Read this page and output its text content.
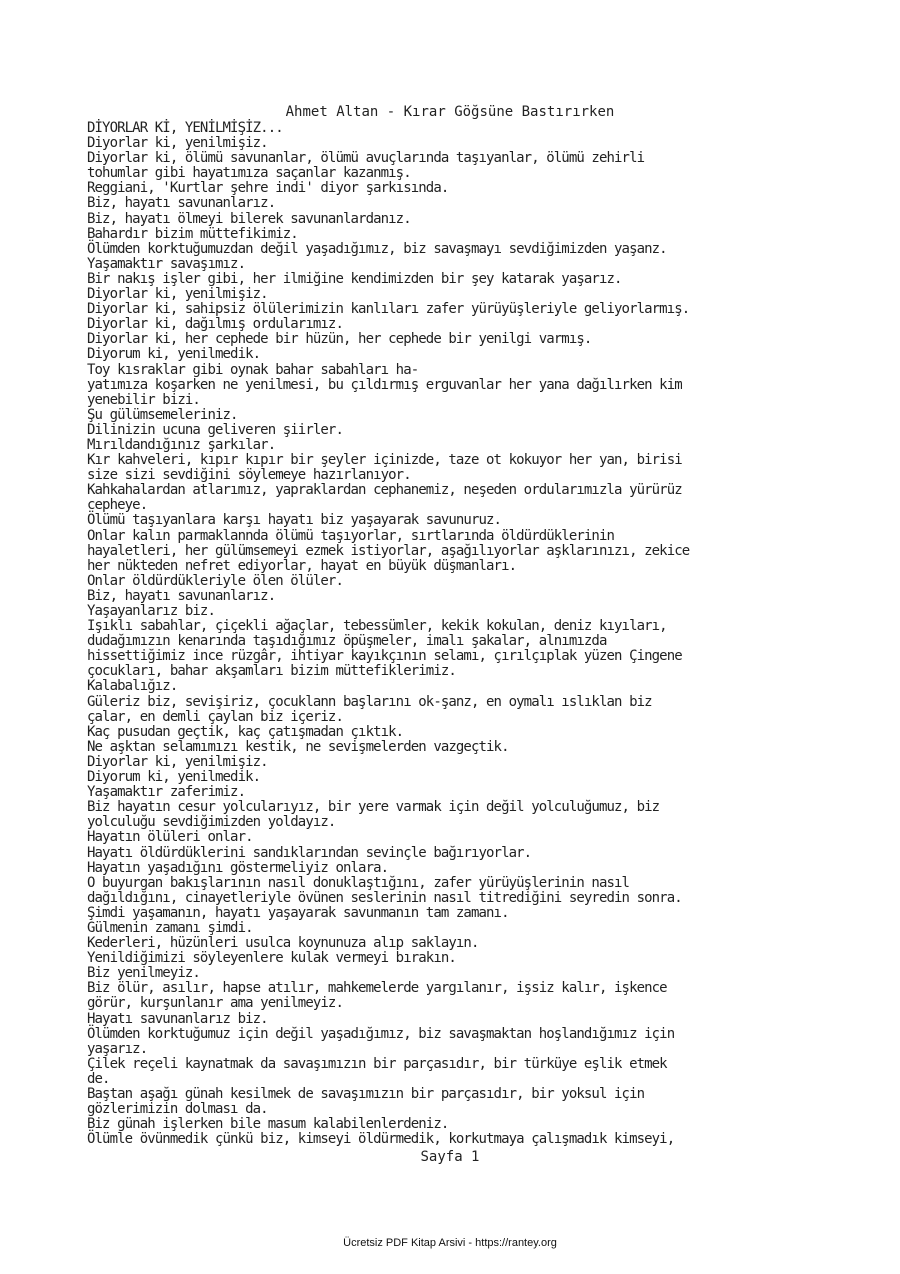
Ahmet Altan - Kırar Göğsüne Bastırırken
DİYORLAR Kİ, YENİLMİŞİZ...
Diyorlar ki, yenilmişiz.
Diyorlar ki, ölümü savunanlar, ölümü avuçlarında taşıyanlar, ölümü zehirli
tohumlar gibi hayatımıza saçanlar kazanmış.
Reggiani, 'Kurtlar şehre indi' diyor şarkısında.
Biz, hayatı savunanlarız.
Biz, hayatı ölmeyi bilerek savunanlardanız.
Bahardır bizim müttefikimiz.
Ölümden korktuğumuzdan değil yaşadığımız, biz savaşmayı sevdiğimizden yaşanz.
Yaşamaktır savaşımız.
Bir nakış işler gibi, her ilmiğine kendimizden bir şey katarak yaşarız.
Diyorlar ki, yenilmişiz.
Diyorlar ki, sahipsiz ölülerimizin kanlıları zafer yürüyüşleriyle geliyorlarmış.
Diyorlar ki, dağılmış ordularımız.
Diyorlar ki, her cephede bir hüzün, her cephede bir yenilgi varmış.
Diyorum ki, yenilmedik.
Toy kısraklar gibi oynak bahar sabahları ha-
yatımıza koşarken ne yenilmesi, bu çıldırmış erguvanlar her yana dağılırken kim
yenebilir bizi.
Şu gülümsemeleriniz.
Dilinizin ucuna geliveren şiirler.
Mırıldandığınız şarkılar.
Kır kahveleri, kıpır kıpır bir şeyler içinizde, taze ot kokuyor her yan, birisi
size sizi sevdiğini söylemeye hazırlanıyor.
Kahkahalardan atlarımız, yapraklardan cephanemiz, neşeden ordularımızla yürürüz
cepheye.
Ölümü taşıyanlara karşı hayatı biz yaşayarak savunuruz.
Onlar kalın parmaklannda ölümü taşıyorlar, sırtlarında öldürdüklerinin
hayaletleri, her gülümsemeyi ezmek istiyorlar, aşağılıyorlar aşklarınızı, zekice
her nükteden nefret ediyorlar, hayat en büyük düşmanları.
Onlar öldürdükleriyle ölen ölüler.
Biz, hayatı savunanlarız.
Yaşayanlarız biz.
Işıklı sabahlar, çiçekli ağaçlar, tebessümler, kekik kokulan, deniz kıyıları,
dudağımızın kenarında taşıdığımız öpüşmeler, imalı şakalar, alnımızda
hissettiğimiz ince rüzgâr, ihtiyar kayıkçının selamı, çırılçıplak yüzen Çingene
çocukları, bahar akşamları bizim müttefiklerimiz.
Kalabalığız.
Güleriz biz, sevişiriz, çocuklann başlarını ok-şanz, en oymalı ıslıklan biz
çalar, en demli çaylan biz içeriz.
Kaç pusudan geçtik, kaç çatışmadan çıktık.
Ne aşktan selamımızı kestik, ne sevişmelerden vazgeçtik.
Diyorlar ki, yenilmişiz.
Diyorum ki, yenilmedik.
Yaşamaktır zaferimiz.
Biz hayatın cesur yolcularıyız, bir yere varmak için değil yolculuğumuz, biz
yolculuğu sevdiğimizden yoldayız.
Hayatın ölüleri onlar.
Hayatı öldürdüklerini sandıklarından sevinçle bağırıyorlar.
Hayatın yaşadığını göstermeliyiz onlara.
O buyurgan bakışlarının nasıl donuklaştığını, zafer yürüyüşlerinin nasıl
dağıldığını, cinayetleriyle övünen seslerinin nasıl titrediğini seyredin sonra.
Şimdi yaşamanın, hayatı yaşayarak savunmanın tam zamanı.
Gülmenin zamanı şimdi.
Kederleri, hüzünleri usulca koynunuza alıp saklayın.
Yenildiğimizi söyleyenlere kulak vermeyi bırakın.
Biz yenilmeyiz.
Biz ölür, asılır, hapse atılır, mahkemelerde yargılanır, işsiz kalır, işkence
görür, kurşunlanır ama yenilmeyiz.
Hayatı savunanlarız biz.
Ölümden korktuğumuz için değil yaşadığımız, biz savaşmaktan hoşlandığımız için
yaşarız.
Çilek reçeli kaynatmak da savaşımızın bir parçasıdır, bir türküye eşlik etmek
de.
Baştan aşağı günah kesilmek de savaşımızın bir parçasıdır, bir yoksul için
gözlerimizin dolması da.
Biz günah işlerken bile masum kalabilenlerdeniz.
Ölümle övünmedik çünkü biz, kimseyi öldürmedik, korkutmaya çalışmadık kimseyi,
Sayfa 1
Ücretsiz PDF Kitap Arsivi - https://rantey.org
